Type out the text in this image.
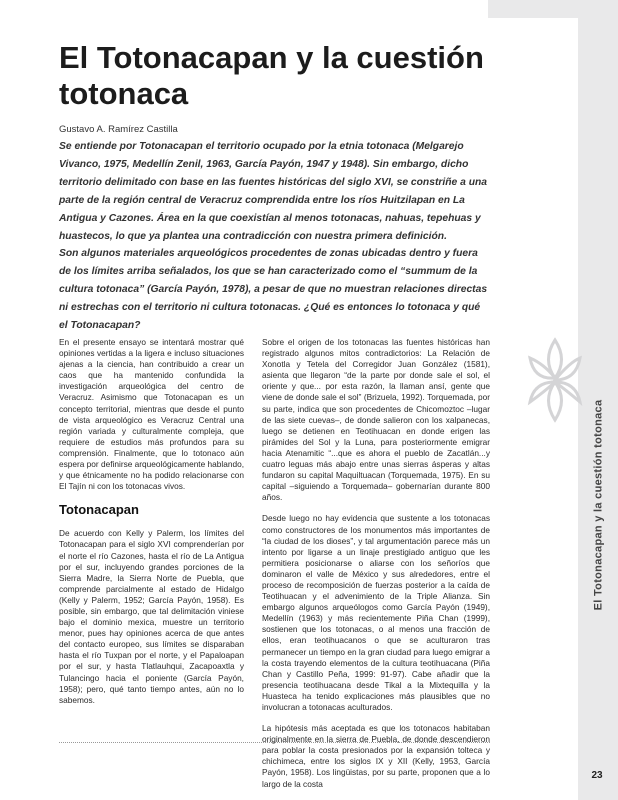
El Totonacapan y la cuestión totonaca
El Totonacapan y la cuestión totonaca
Gustavo A. Ramírez Castilla

Se entiende por Totonacapan el territorio ocupado por la etnia totonaca (Melgarejo Vivanco, 1975, Medellín Zenil, 1963, García Payón, 1947 y 1948). Sin embargo, dicho territorio delimitado con base en las fuentes históricas del siglo XVI, se constriñe a una parte de la región central de Veracruz comprendida entre los ríos Huitzilapan en La Antigua y Cazones. Área en la que coexistían al menos totonacas, nahuas, tepehuas y huastecos, lo que ya plantea una contradicción con nuestra primera definición.

Son algunos materiales arqueológicos procedentes de zonas ubicadas dentro y fuera de los límites arriba señalados, los que se han caracterizado como el “summum de la cultura totonaca” (García Payón, 1978), a pesar de que no muestran relaciones directas ni estrechas con el territorio ni cultura totonacas. ¿Qué es entonces lo totonaca y qué el Totonacapan?

En el presente ensayo se intentará mostrar qué opiniones vertidas a la ligera e incluso situaciones ajenas a la ciencia, han contribuido a crear un caos que ha mantenido confundida la investigación arqueológica del centro de Veracruz. Asimismo que Totonacapan es un concepto territorial, mientras que desde el punto de vista arqueológico es Veracruz Central una región variada y culturalmente compleja, que requiere de estudios más profundos para su comprensión. Finalmente, que lo totonaco aún espera por definirse arqueológicamente hablando, y que étnicamente no ha podido relacionarse con El Tajín ni con los totonacas vivos.

Totonacapan

De acuerdo con Kelly y Palerm, los límites del Totonacapan para el siglo XVI comprenderían por el norte el río Cazones, hasta el río de La Antigua por el sur, incluyendo grandes porciones de la Sierra Madre, la Sierra Norte de Puebla, que comprende parcialmente al estado de Hidalgo (Kelly y Palerm, 1952; García Payón, 1958). Es posible, sin embargo, que tal delimitación viniese bajo el dominio mexica, muestre un territorio menor, pues hay opiniones acerca de que antes del contacto europeo, sus límites se disparaban hasta el río Tuxpan por el norte, y el Papaloapan por el sur, y hasta Tlatlauhqui, Zacapoaxtla y Tulancingo hacia el poniente (García Payón, 1958); pero, qué tanto tiempo antes, aún no lo sabemos.

Sobre el origen de los totonacas las fuentes históricas han registrado algunos mitos contradictorios: La Relación de Xonotla y Tetela del Corregidor Juan González (1581), asienta que llegaron “de la parte por donde sale el sol, el oriente y que... por esta razón, la llaman ansí, gente que viene de donde sale el sol” (Brizuela, 1992). Torquemada, por su parte, indica que son procedentes de Chicomoztoc –lugar de las siete cuevas–, de donde salieron con los xalpanecas, luego se detienen en Teotihuacan en donde erigen las pirámides del Sol y la Luna, para posteriormente emigrar hacia Atenamitic “...que es ahora el pueblo de Zacatlán...y cuatro leguas más abajo entre unas sierras ásperas y altas fundaron su capital Maquiltuacan (Torquemada, 1975). En su capital –siguiendo a Torquemada– gobernarían durante 800 años.

Desde luego no hay evidencia que sustente a los totonacas como constructores de los monumentos más importantes de “la ciudad de los dioses”, y tal argumentación parece más un intento por ligarse a un linaje prestigiado antiguo que les permitiera posicionarse o aliarse con los señoríos que dominaron el valle de México y sus alrededores, entre el proceso de recomposición de fuerzas posterior a la caída de Teotihuacan y el advenimiento de la Triple Alianza. Sin embargo algunos arqueólogos como García Payón (1949), Medellín (1963) y más recientemente Piña Chan (1999), sostienen que los totonacas, o al menos una fracción de ellos, eran teotihuacanos o que se aculturaron tras permanecer un tiempo en la gran ciudad para luego emigrar a la costa trayendo elementos de la cultura teotihuacana (Piña Chan y Castillo Peña, 1999: 91-97). Cabe añadir que la presencia teotihuacana desde Tikal a la Mixtequilla y la Huasteca ha tenido explicaciones más plausibles que no involucran a totonacas aculturados.

La hipótesis más aceptada es que los totonacos habitaban originalmente en la sierra de Puebla, de donde descendieron para poblar la costa presionados por la expansión tolteca y chichimeca, entre los siglos IX y XII (Kelly, 1953, García Payón, 1958). Los lingüistas, por su parte, proponen que a lo largo de la costa

23
